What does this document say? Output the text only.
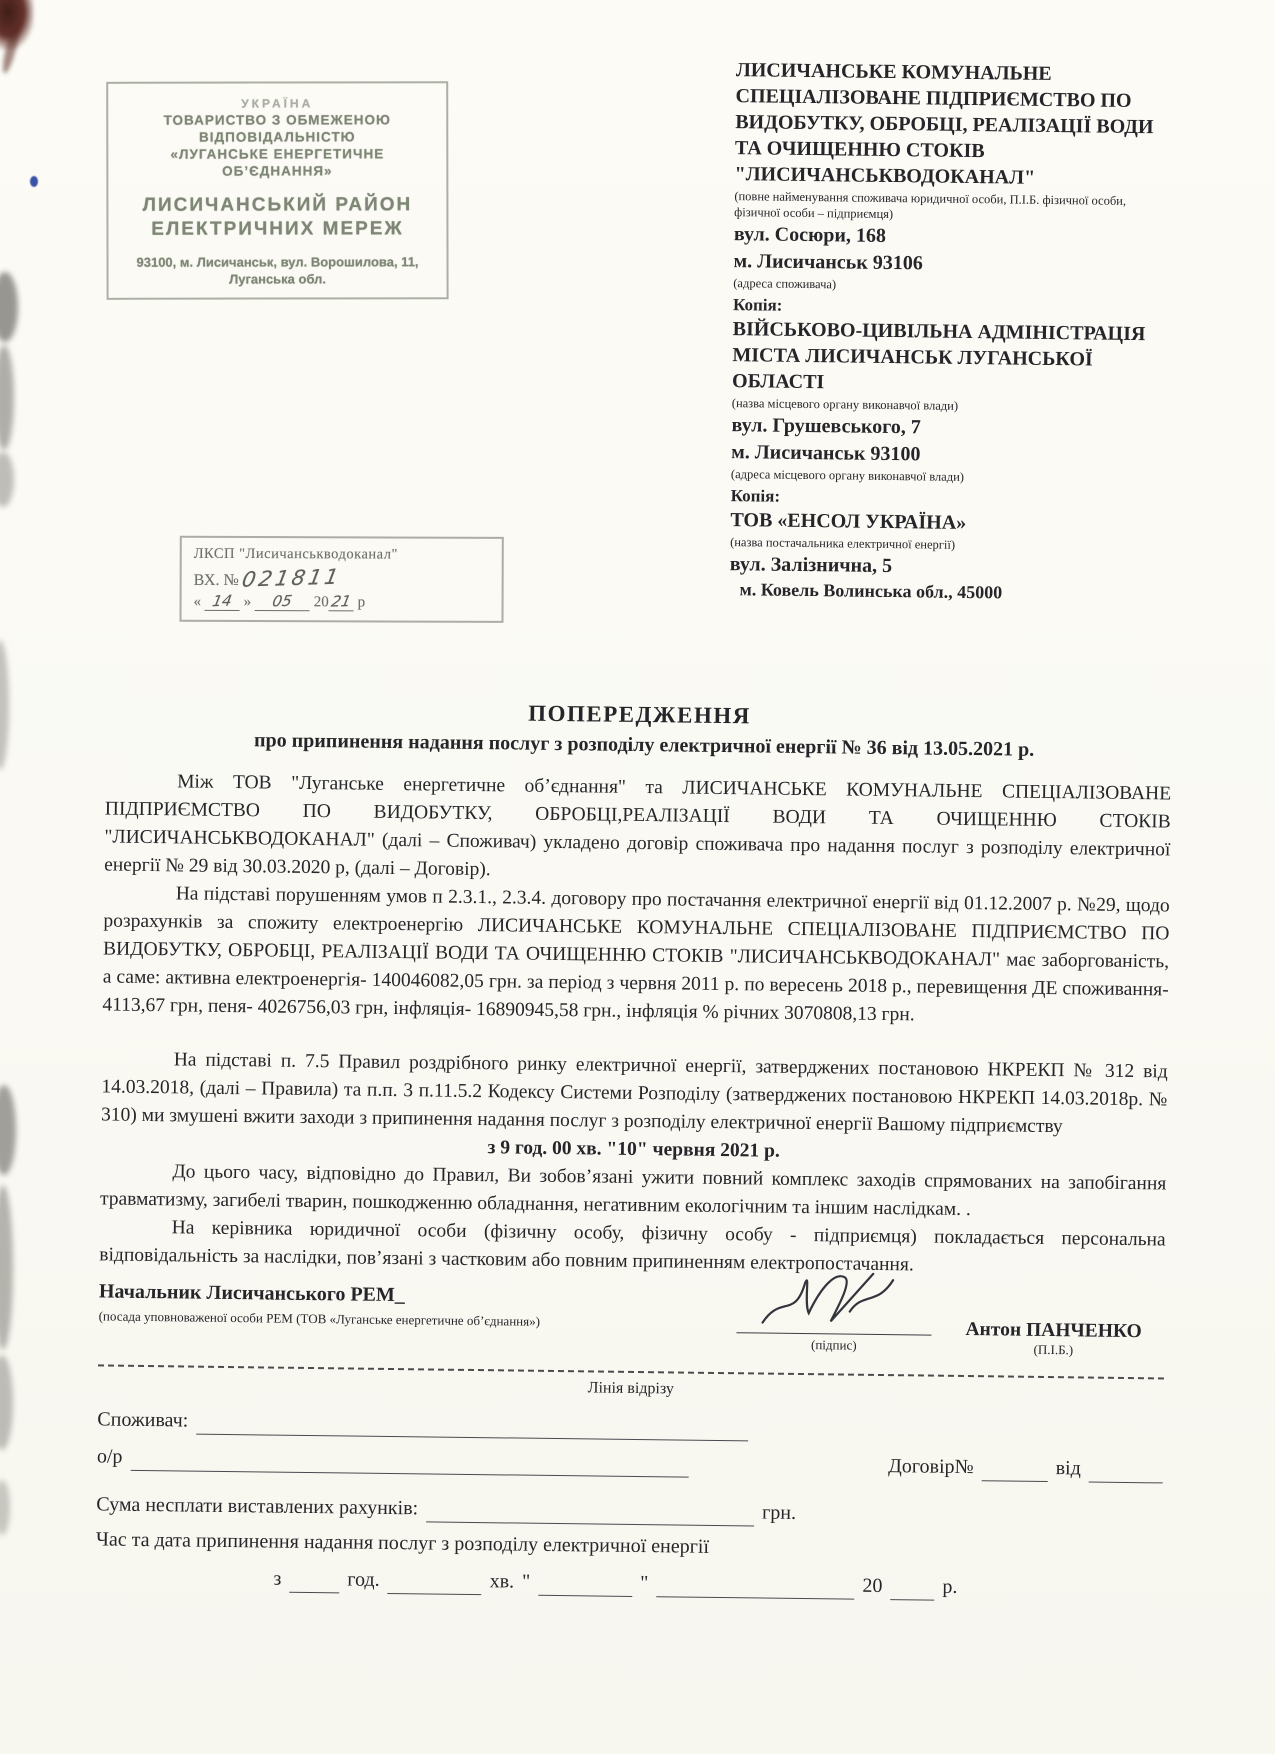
УКРАЇНА
ТОВАРИСТВО З ОБМЕЖЕНОЮ
ВІДПОВІДАЛЬНІСТЮ
«ЛУГАНСЬКЕ ЕНЕРГЕТИЧНЕ
ОБ’ЄДНАННЯ»
ЛИСИЧАНСЬКИЙ РАЙОН
ЕЛЕКТРИЧНИХ МЕРЕЖ
93100, м. Лисичанськ, вул. Ворошилова, 11,
Луганська обл.
ЛИСИЧАНСЬКЕ КОМУНАЛЬНЕ СПЕЦІАЛІЗОВАНЕ ПІДПРИЄМСТВО ПО ВИДОБУТКУ, ОБРОБЦІ, РЕАЛІЗАЦІЇ ВОДИ ТА ОЧИЩЕННЮ СТОКІВ "ЛИСИЧАНСЬКВОДОКАНАЛ"
(повне найменування споживача юридичної особи, П.І.Б. фізичної особи, фізичної особи – підприємця)
вул. Сосюри, 168
м. Лисичанськ 93106
(адреса споживача)
Копія:
ВІЙСЬКОВО-ЦИВІЛЬНА АДМІНІСТРАЦІЯ МІСТА ЛИСИЧАНСЬК ЛУГАНСЬКОЇ ОБЛАСТІ
(назва місцевого органу виконавчої влади)
вул. Грушевського, 7
м. Лисичанськ 93100
(адреса місцевого органу виконавчої влади)
Копія:
ТОВ «ЕНСОЛ УКРАЇНА»
(назва постачальника електричної енергії)
вул. Залізнична, 5
м. Ковель Волинська обл., 45000
ЛКСП "Лисичанськводоканал"
ВХ. № 021811
« 14 » 05 2021 р
ПОПЕРЕДЖЕННЯ
про припинення надання послуг з розподілу електричної енергії № 36 від 13.05.2021 р.

Між ТОВ "Луганське енергетичне об’єднання" та ЛИСИЧАНСЬКЕ КОМУНАЛЬНЕ СПЕЦІАЛІЗОВАНЕ ПІДПРИЄМСТВО ПО ВИДОБУТКУ, ОБРОБЦІ,РЕАЛІЗАЦІЇ ВОДИ ТА ОЧИЩЕННЮ СТОКІВ "ЛИСИЧАНСЬКВОДОКАНАЛ" (далі – Споживач) укладено договір споживача про надання послуг з розподілу електричної енергії № 29 від 30.03.2020 р, (далі – Договір).

На підставі порушенням умов п 2.3.1., 2.3.4. договору про постачання електричної енергії від 01.12.2007 р. №29, щодо розрахунків за спожиту електроенергію ЛИСИЧАНСЬКЕ КОМУНАЛЬНЕ СПЕЦІАЛІЗОВАНЕ ПІДПРИЄМСТВО ПО ВИДОБУТКУ, ОБРОБЦІ, РЕАЛІЗАЦІЇ ВОДИ ТА ОЧИЩЕННЮ СТОКІВ "ЛИСИЧАНСЬКВОДОКАНАЛ" має заборгованість, а саме: активна електроенергія- 140046082,05 грн. за період з червня 2011 р. по вересень 2018 р., перевищення ДЕ споживання- 4113,67 грн, пеня- 4026756,03 грн, інфляція- 16890945,58 грн., інфляція % річних 3070808,13 грн.

На підставі п. 7.5 Правил роздрібного ринку електричної енергії, затверджених постановою НКРЕКП № 312 від 14.03.2018, (далі – Правила) та п.п. 3 п.11.5.2 Кодексу Системи Розподілу (затверджених постановою НКРЕКП 14.03.2018р. № 310) ми змушені вжити заходи з припинення надання послуг з розподілу електричної енергії Вашому підприємству

з 9 год. 00 хв. "10" червня 2021 р.

До цього часу, відповідно до Правил, Ви зобов’язані ужити повний комплекс заходів спрямованих на запобігання травматизму, загибелі тварин, пошкодженню обладнання, негативним екологічним та іншим наслідкам. .

На керівника юридичної особи (фізичну особу, фізичну особу - підприємця) покладається персональна відповідальність за наслідки, пов’язані з частковим або повним припиненням електропостачання.

Начальник Лисичанського РЕМ_
(посада уповноваженої особи РЕМ (ТОВ «Луганське енергетичне об’єднання»)
(підпис)
Антон ПАНЧЕНКО
(П.І.Б.)
Лінія відрізу
Споживач:
о/р	Договір№	від
Сума несплати виставлених рахунків:	грн.
Час та дата припинення надання послуг з розподілу електричної енергії
з	год.	хв. "	"	20	р.
